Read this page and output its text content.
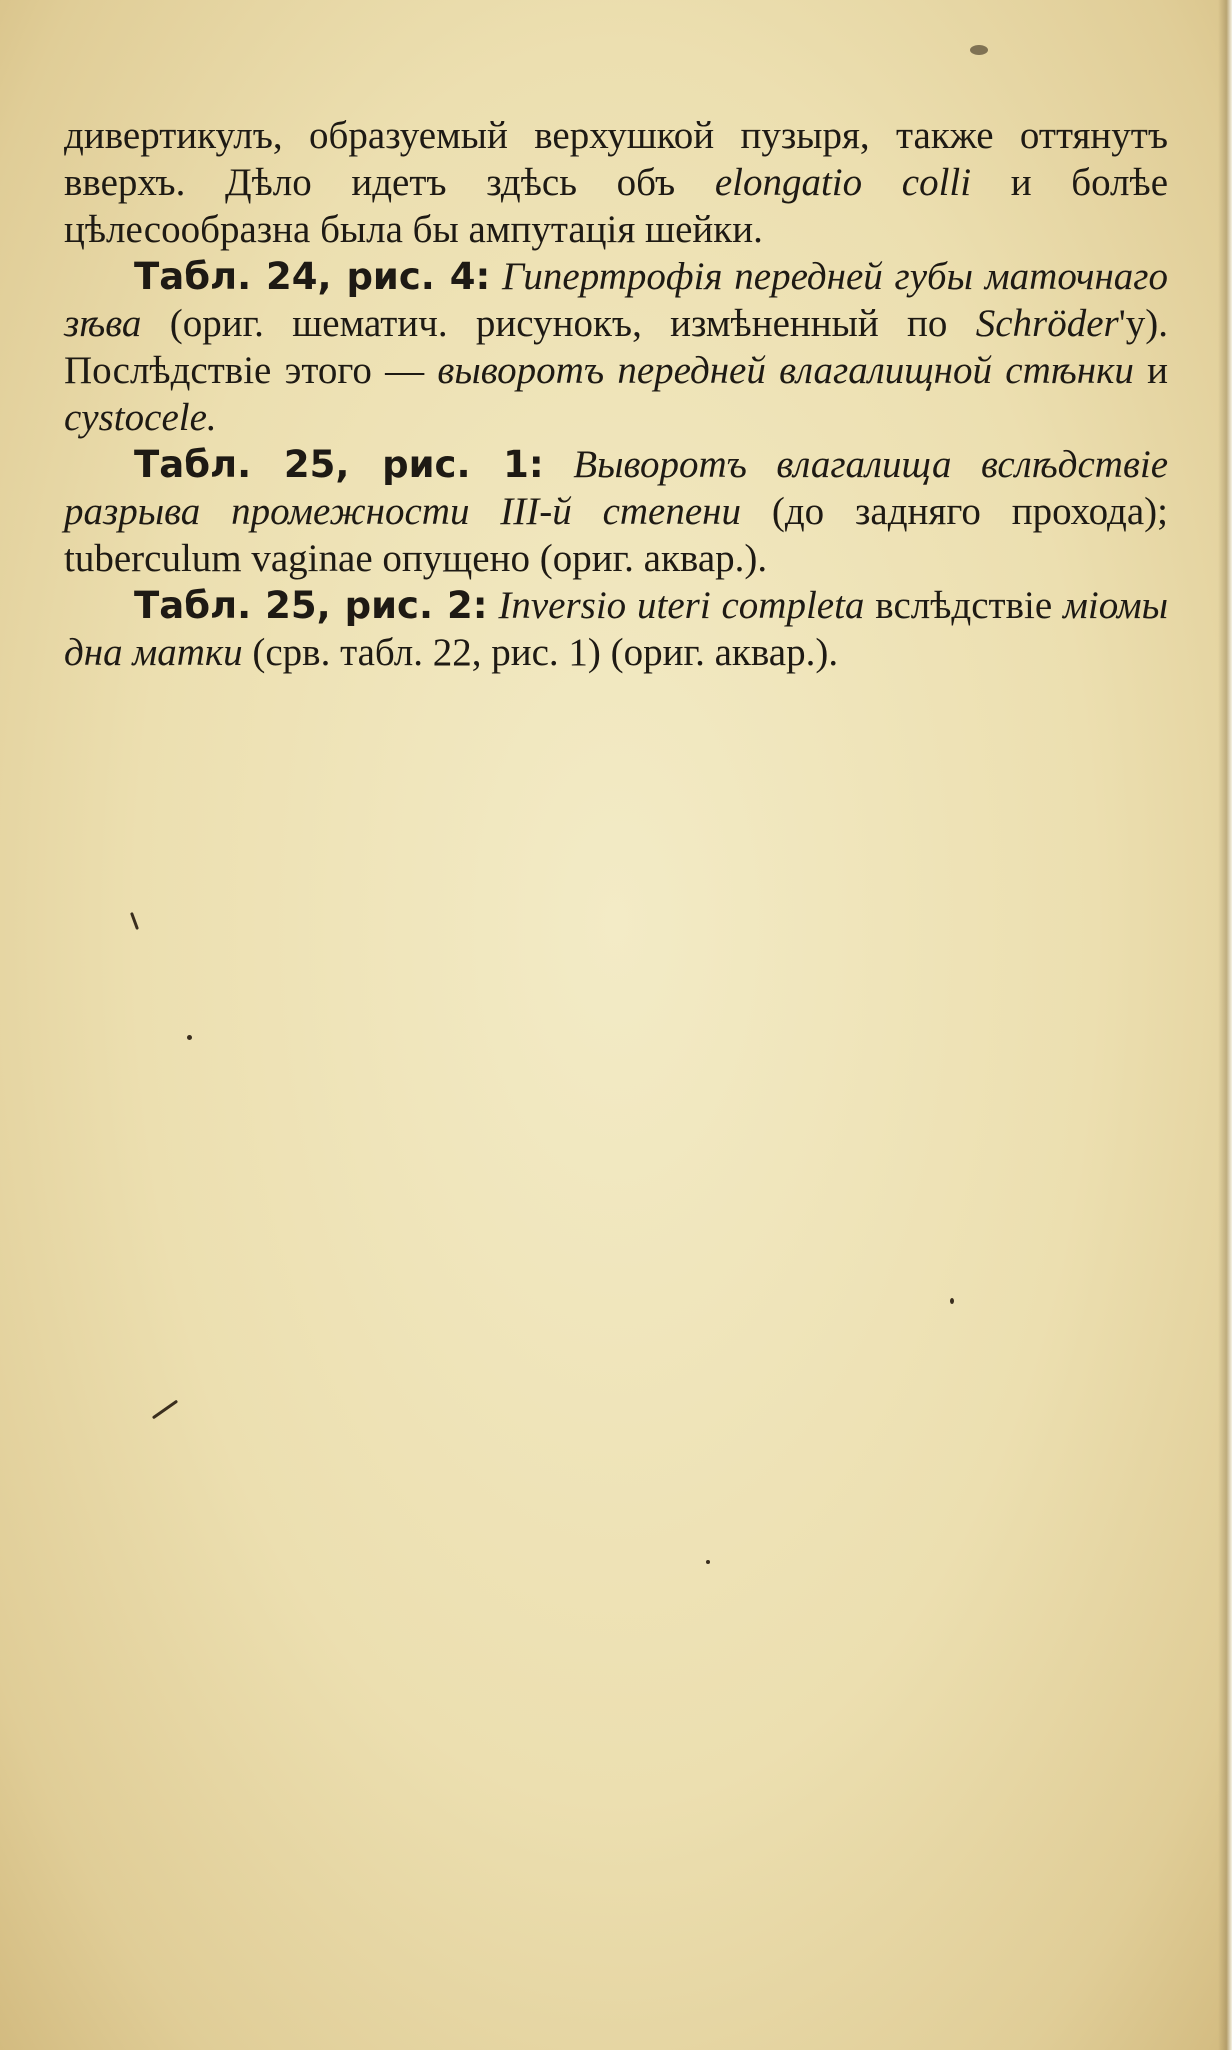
дивертикулъ, образуемый верхушкой пузыря, также оттянутъ вверхъ. Дѣло идетъ здѣсь объ elongatio colli и болѣе цѣлесообразна была бы ампутація шейки.

Табл. 24, рис. 4: Гипертрофія передней губы маточнаго зѣва (ориг. шематич. рисунокъ, измѣненный по Schröder'у). Послѣдствіе этого — выворотъ передней влагалищной стѣнки и cystocele.

Табл. 25, рис. 1: Выворотъ влагалища вслѣдствіе разрыва промежности III-й степени (до задняго прохода); tuberculum vaginae опущено (ориг. аквар.).

Табл. 25, рис. 2: Inversio uteri completa вслѣдствіе міомы дна матки (срв. табл. 22, рис. 1) (ориг. аквар.).
